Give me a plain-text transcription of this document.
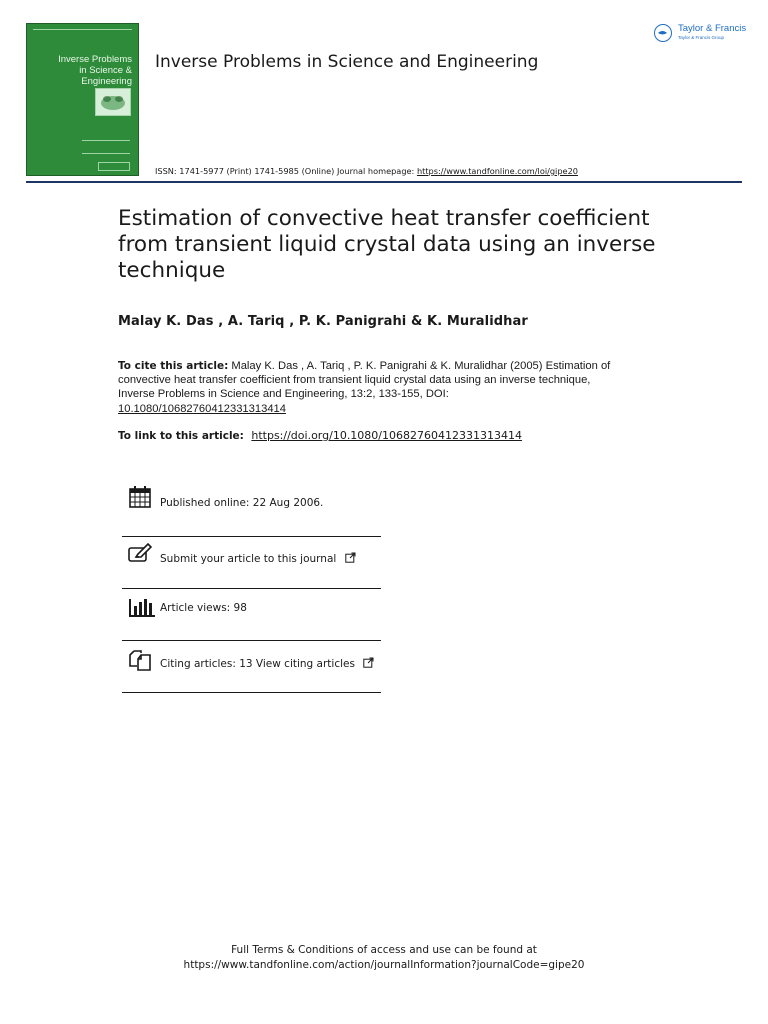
Inverse Problems
in Science & Engineering
Inverse Problems in Science and Engineering
Taylor & Francis
Taylor & Francis Group
ISSN: 1741-5977 (Print) 1741-5985 (Online) Journal homepage: https://www.tandfonline.com/loi/gipe20
Estimation of convective heat transfer coefficient from transient liquid crystal data using an inverse technique
Malay K. Das , A. Tariq , P. K. Panigrahi & K. Muralidhar
To cite this article: Malay K. Das , A. Tariq , P. K. Panigrahi & K. Muralidhar (2005) Estimation of convective heat transfer coefficient from transient liquid crystal data using an inverse technique, Inverse Problems in Science and Engineering, 13:2, 133-155, DOI: 10.1080/10682760412331313414
To link to this article: https://doi.org/10.1080/10682760412331313414
Published online: 22 Aug 2006.
Submit your article to this journal
Article views: 98
Citing articles: 13 View citing articles
Full Terms & Conditions of access and use can be found at
https://www.tandfonline.com/action/journalInformation?journalCode=gipe20
